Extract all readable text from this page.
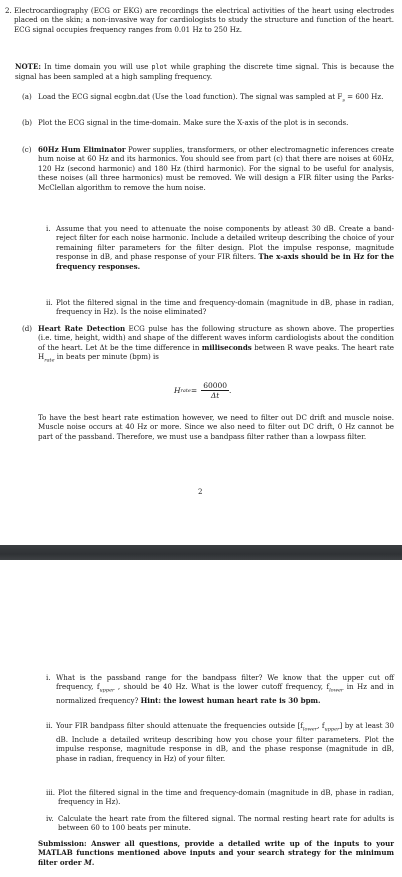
2. Electrocardiography (ECG or EKG) are recordings the electrical activities of the heart using electrodes placed on the skin; a non-invasive way for cardiologists to study the structure and function of the heart. ECG signal occupies frequency ranges from 0.01 Hz to 250 Hz.
NOTE: In time domain you will use plot while graphing the discrete time signal. This is because the signal has been sampled at a high sampling frequency.
(a) Load the ECG signal ecgbn.dat (Use the load function). The signal was sampled at $F_s = 600$ Hz.
(b) Plot the ECG signal in the time-domain. Make sure the X-axis of the plot is in seconds.
(c) 60Hz Hum Eliminator Power supplies, transformers, or other electromagnetic inferences create hum noise at 60 Hz and its harmonics. You should see from part (c) that there are noises at 60Hz, 120 Hz (second harmonic) and 180 Hz (third harmonic). For the signal to be useful for analysis, these noises (all three harmonics) must be removed. We will design a FIR filter using the Parks-McClellan algorithm to remove the hum noise.
i. Assume that you need to attenuate the noise components by atleast 30 dB. Create a band-reject filter for each noise harmonic. Include a detailed writeup describing the choice of your remaining filter parameters for the filter design. Plot the impulse response, magnitude response in dB, and phase response of your FIR filters. The x-axis should be in Hz for the frequency responses.
ii. Plot the filtered signal in the time and frequency-domain (magnitude in dB, phase in radian, frequency in Hz). Is the noise eliminated?
(d) Heart Rate Detection ECG pulse has the following structure as shown above. The properties (i.e. time, height, width) and shape of the different waves inform cardiologists about the condition of the heart. Let Δt be the time difference in milliseconds between R wave peaks. The heart rate $H_{rate}$ in beats per minute (bpm) is
H rate = $\frac{60000}{\Delta t}$ .
To have the best heart rate estimation however, we need to filter out DC drift and muscle noise. Muscle noise occurs at 40 Hz or more. Since we also need to filter out DC drift, 0 Hz cannot be part of the passband. Therefore, we must use a bandpass filter rather than a lowpass filter.
2
i. What is the passband range for the bandpass filter? We know that the upper cut off frequency, $f_{upper}$ , should be 40 Hz. What is the lower cutoff frequency, $f_{lower}$ in Hz and in normalized frequency? Hint: the lowest human heart rate is 30 bpm.
ii. Your FIR bandpass filter should attenuate the frequencies outside [$f_{lower}$, $f_{upper}$] by at least 30 dB. Include a detailed writeup describing how you chose your filter parameters. Plot the impulse response, magnitude response in dB, and the phase response (magnitude in dB, phase in radian, frequency in Hz) of your filter.
iii. Plot the filtered signal in the time and frequency-domain (magnitude in dB, phase in radian, frequency in Hz).
iv. Calculate the heart rate from the filtered signal. The normal resting heart rate for adults is between 60 to 100 beats per minute.
Submission: Answer all questions, provide a detailed write up of the inputs to your MATLAB functions mentioned above inputs and your search strategy for the minimum filter order M.
